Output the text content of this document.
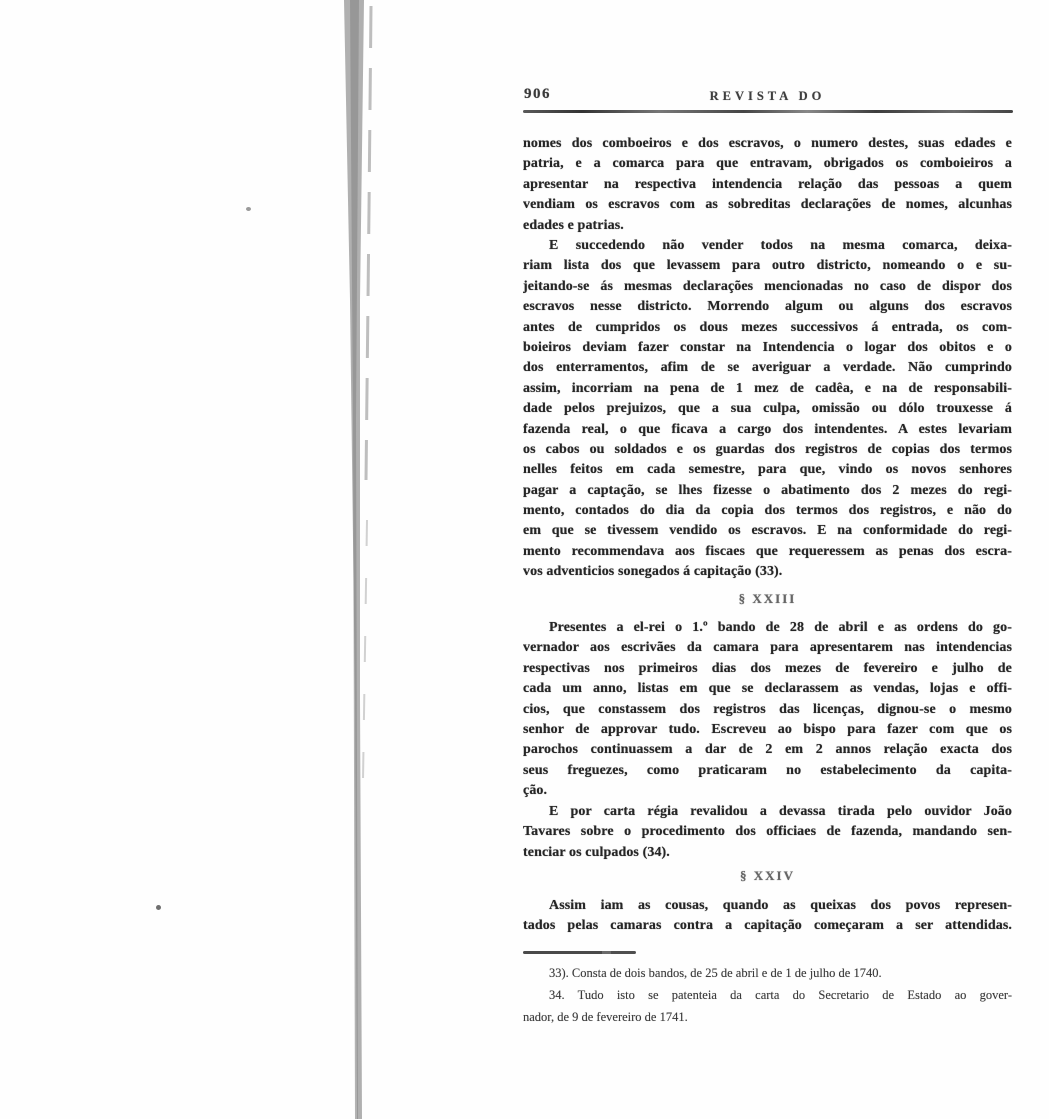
906	REVISTA DO
nomes dos comboeiros e dos escravos, o numero destes, suas edades e
patria, e a comarca para que entravam, obrigados os comboieiros a
apresentar na respectiva intendencia relação das pessoas a quem
vendiam os escravos com as sobreditas declarações de nomes, alcunhas
edades e patrias.
E succedendo não vender todos na mesma comarca, deixa-
riam lista dos que levassem para outro districto, nomeando o e su-
jeitando-se ás mesmas declarações mencionadas no caso de dispor dos
escravos nesse districto. Morrendo algum ou alguns dos escravos
antes de cumpridos os dous mezes successivos á entrada, os com-
boieiros deviam fazer constar na Intendencia o logar dos obitos e o
dos enterramentos, afim de se averiguar a verdade. Não cumprindo
assim, incorriam na pena de 1 mez de cadêa, e na de responsabili-
dade pelos prejuizos, que a sua culpa, omissão ou dólo trouxesse á
fazenda real, o que ficava a cargo dos intendentes. A estes levariam
os cabos ou soldados e os guardas dos registros de copias dos termos
nelles feitos em cada semestre, para que, vindo os novos senhores
pagar a captação, se lhes fizesse o abatimento dos 2 mezes do regi-
mento, contados do dia da copia dos termos dos registros, e não do
em que se tivessem vendido os escravos. E na conformidade do regi-
mento recommendava aos fiscaes que requeressem as penas dos escra-
vos adventicios sonegados á capitação (33).
§ XXIII
Presentes a el-rei o 1.º bando de 28 de abril e as ordens do go-
vernador aos escrivães da camara para apresentarem nas intendencias
respectivas nos primeiros dias dos mezes de fevereiro e julho de
cada um anno, listas em que se declarassem as vendas, lojas e offi-
cios, que constassem dos registros das licenças, dignou-se o mesmo
senhor de approvar tudo. Escreveu ao bispo para fazer com que os
parochos continuassem a dar de 2 em 2 annos relação exacta dos
seus freguezes, como praticaram no estabelecimento da capita-
ção.
E por carta régia revalidou a devassa tirada pelo ouvidor João
Tavares sobre o procedimento dos officiaes de fazenda, mandando sen-
tenciar os culpados (34).
§ XXIV
Assim iam as cousas, quando as queixas dos povos represen-
tados pelas camaras contra a capitação começaram a ser attendidas.
33). Consta de dois bandos, de 25 de abril e de 1 de julho de 1740.
34. Tudo isto se patenteia da carta do Secretario de Estado ao gover-
nador, de 9 de fevereiro de 1741.
